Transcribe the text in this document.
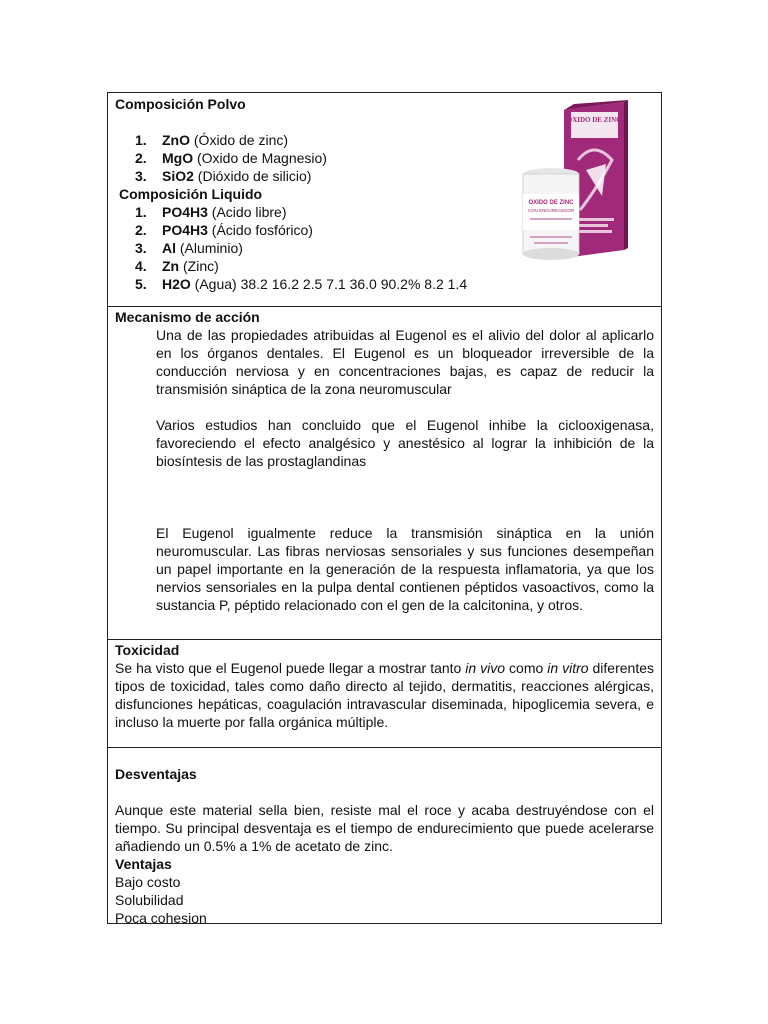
Composición Polvo
1. ZnO (Óxido de zinc)
2. MgO (Oxido de Magnesio)
3. SiO2 (Dióxido de silicio)
Composición Liquido
1. PO4H3 (Acido libre)
2. PO4H3 (Ácido fosfórico)
3. Al (Aluminio)
4. Zn (Zinc)
5. H2O (Agua) 38.2 16.2 2.5 7.1 36.0 90.2% 8.2 1.4
ÓXIDO DE ZINC
OXIDO DE ZINC
CON ENDURECEDOR
Mecanismo de acción

Una de las propiedades atribuidas al Eugenol es el alivio del dolor al aplicarlo en los órganos dentales. El Eugenol es un bloqueador irreversible de la conducción nerviosa y en concentraciones bajas, es capaz de reducir la transmisión sináptica de la zona neuromuscular

Varios estudios han concluido que el Eugenol inhibe la ciclooxigenasa, favoreciendo el efecto analgésico y anestésico al lograr la inhibición de la biosíntesis de las prostaglandinas

El Eugenol igualmente reduce la transmisión sináptica en la unión neuromuscular. Las fibras nerviosas sensoriales y sus funciones desempeñan un papel importante en la generación de la respuesta inflamatoria, ya que los nervios sensoriales en la pulpa dental contienen péptidos vasoactivos, como la sustancia P, péptido relacionado con el gen de la calcitonina, y otros.

Toxicidad

Se ha visto que el Eugenol puede llegar a mostrar tanto in vivo como in vitro diferentes tipos de toxicidad, tales como daño directo al tejido, dermatitis, reacciones alérgicas, disfunciones hepáticas, coagulación intravascular diseminada, hipoglicemia severa, e incluso la muerte por falla orgánica múltiple.

Desventajas

Aunque este material sella bien, resiste mal el roce y acaba destruyéndose con el tiempo. Su principal desventaja es el tiempo de endurecimiento que puede acelerarse añadiendo un 0.5% a 1% de acetato de zinc.

Ventajas

Bajo costo

Solubilidad

Poca cohesion
